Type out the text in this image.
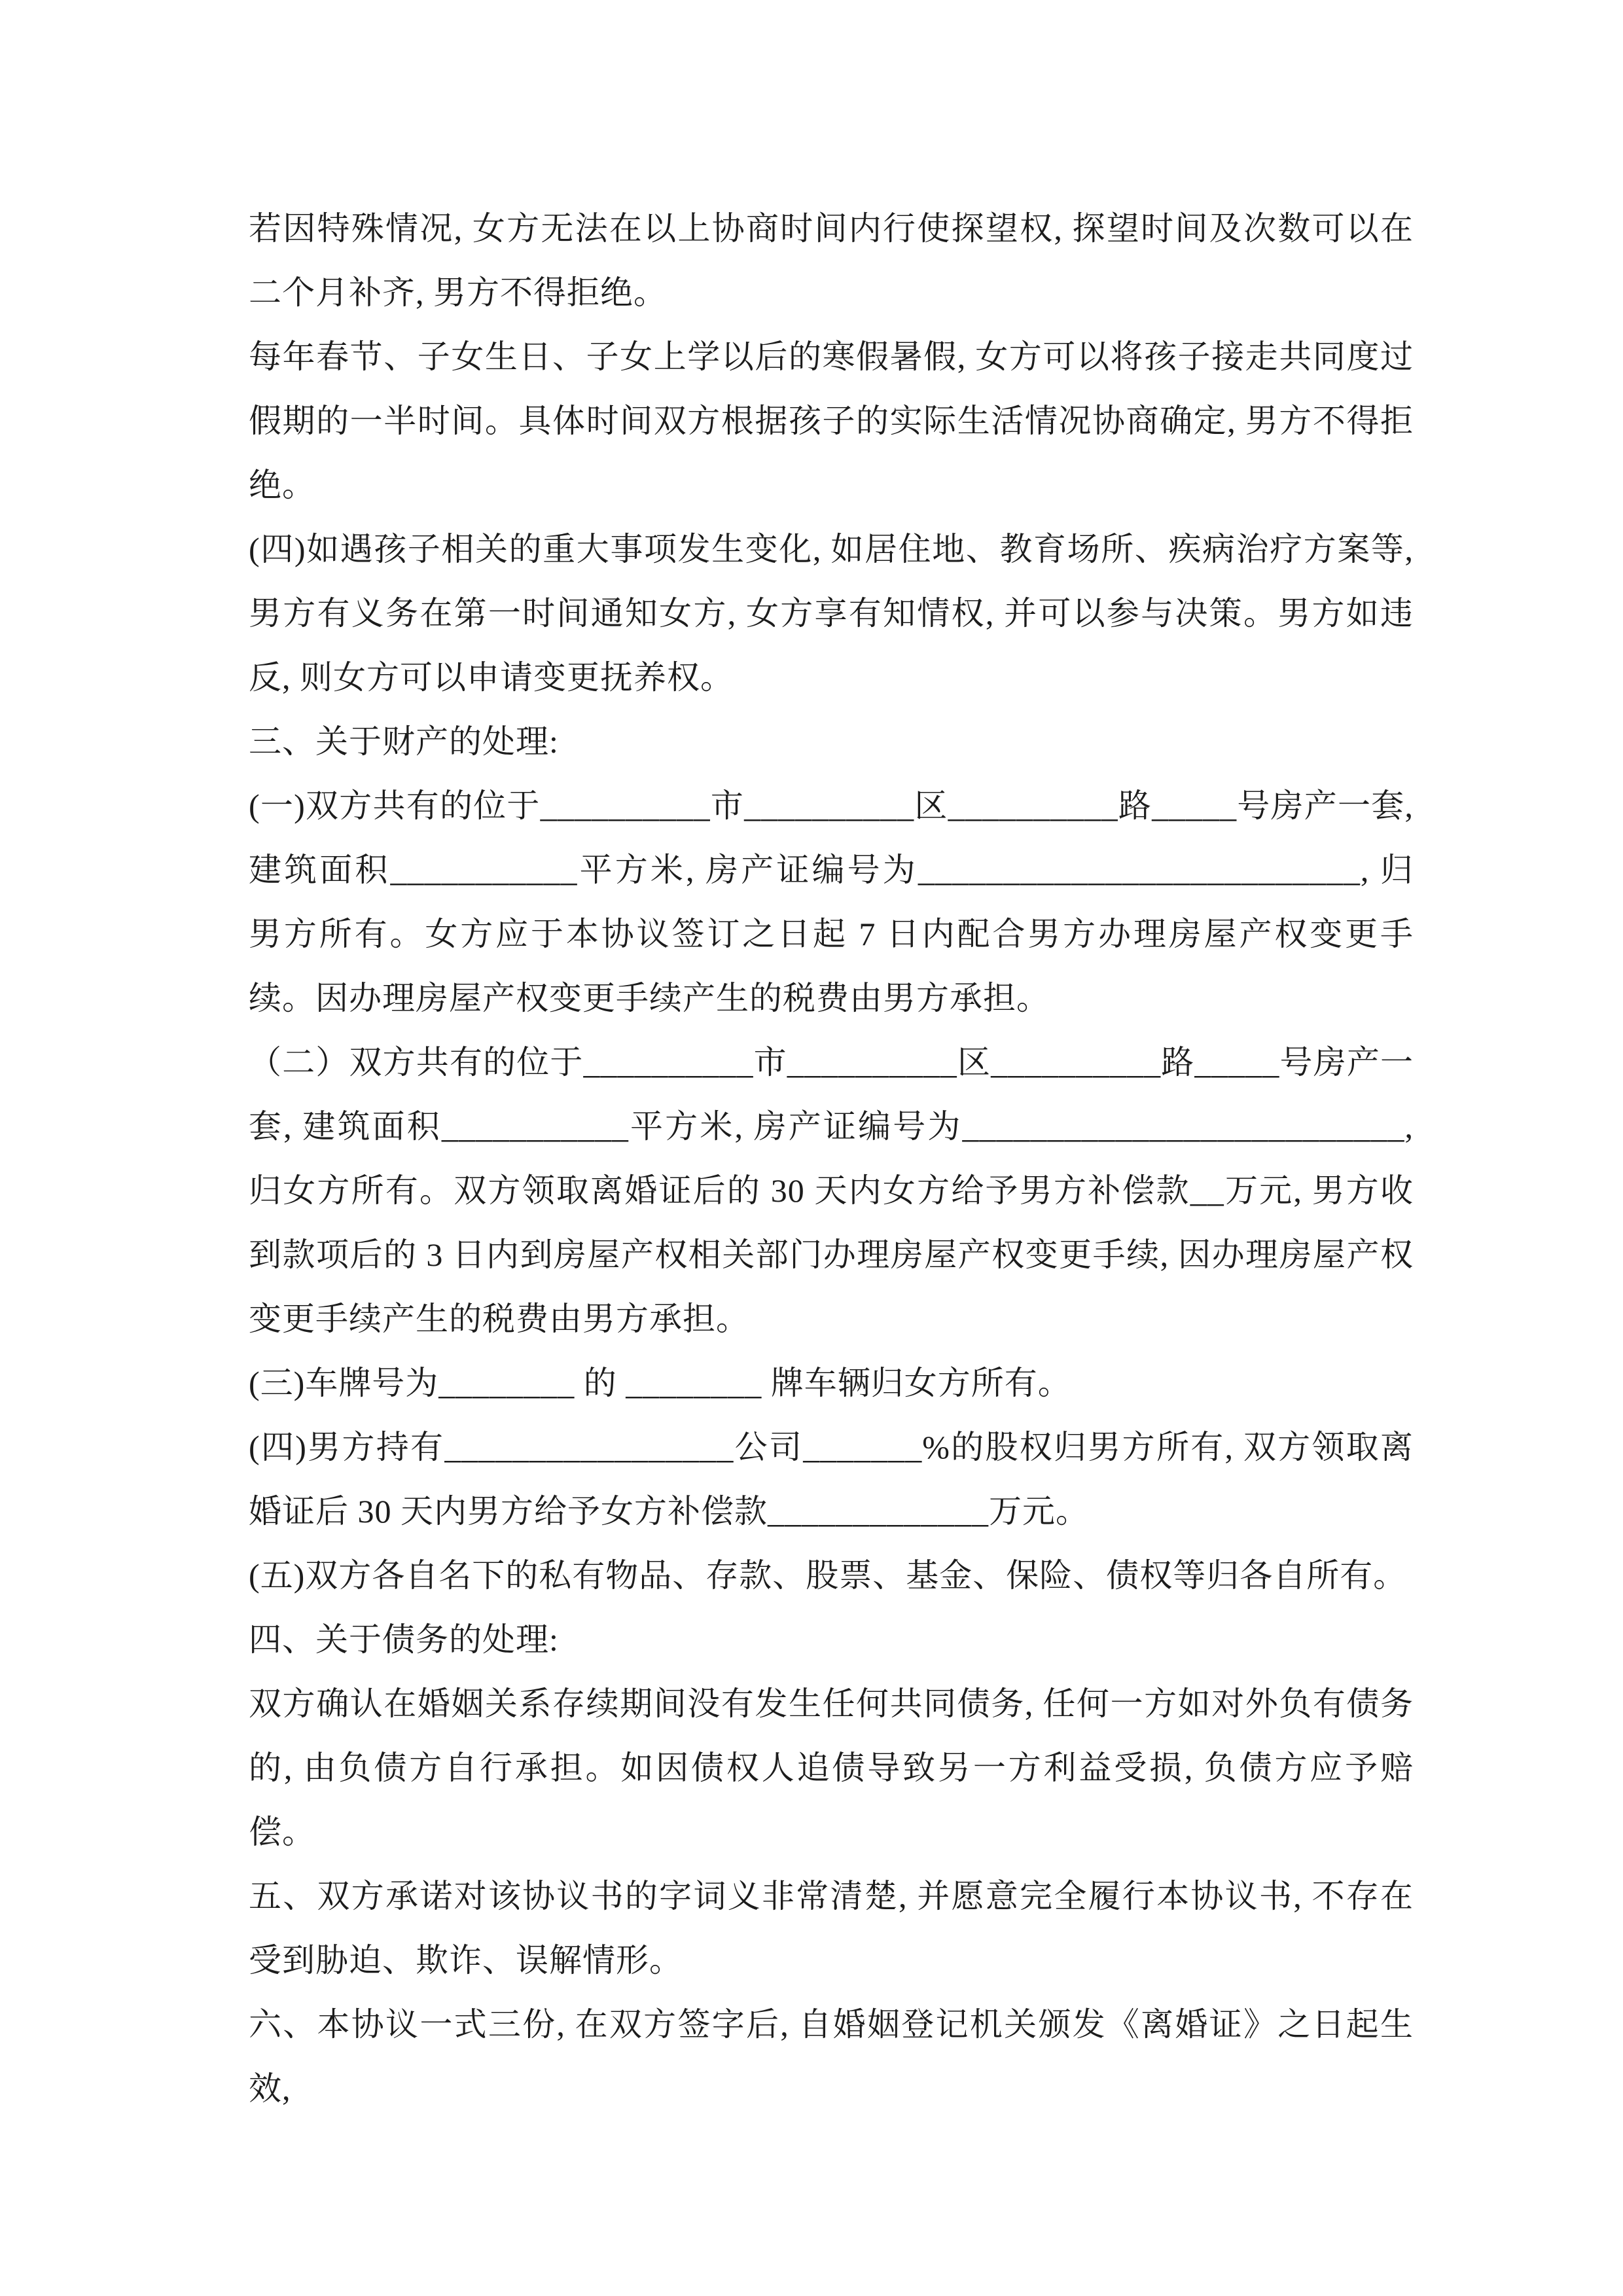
若因特殊情况, 女方无法在以上协商时间内行使探望权, 探望时间及次数可以在二个月补齐, 男方不得拒绝。

每年春节、子女生日、子女上学以后的寒假暑假, 女方可以将孩子接走共同度过假期的一半时间。具体时间双方根据孩子的实际生活情况协商确定, 男方不得拒绝。

(四)如遇孩子相关的重大事项发生变化, 如居住地、教育场所、疾病治疗方案等, 男方有义务在第一时间通知女方, 女方享有知情权, 并可以参与决策。男方如违反, 则女方可以申请变更抚养权。

三、关于财产的处理:

(一)双方共有的位于__________市__________区__________路_____号房产一套, 建筑面积___________平方米, 房产证编号为__________________________, 归男方所有。女方应于本协议签订之日起 7 日内配合男方办理房屋产权变更手续。因办理房屋产权变更手续产生的税费由男方承担。

（二）双方共有的位于__________市__________区__________路_____号房产一套, 建筑面积___________平方米, 房产证编号为__________________________, 归女方所有。双方领取离婚证后的 30 天内女方给予男方补偿款__万元, 男方收到款项后的 3 日内到房屋产权相关部门办理房屋产权变更手续, 因办理房屋产权变更手续产生的税费由男方承担。

(三)车牌号为________ 的 ________ 牌车辆归女方所有。

(四)男方持有_________________公司_______%的股权归男方所有, 双方领取离婚证后 30 天内男方给予女方补偿款_____________万元。

(五)双方各自名下的私有物品、存款、股票、基金、保险、债权等归各自所有。

四、关于债务的处理:

双方确认在婚姻关系存续期间没有发生任何共同债务, 任何一方如对外负有债务的, 由负债方自行承担。如因债权人追债导致另一方利益受损, 负债方应予赔偿。

五、双方承诺对该协议书的字词义非常清楚, 并愿意完全履行本协议书, 不存在受到胁迫、欺诈、误解情形。

六、本协议一式三份, 在双方签字后, 自婚姻登记机关颁发《离婚证》之日起生效,
